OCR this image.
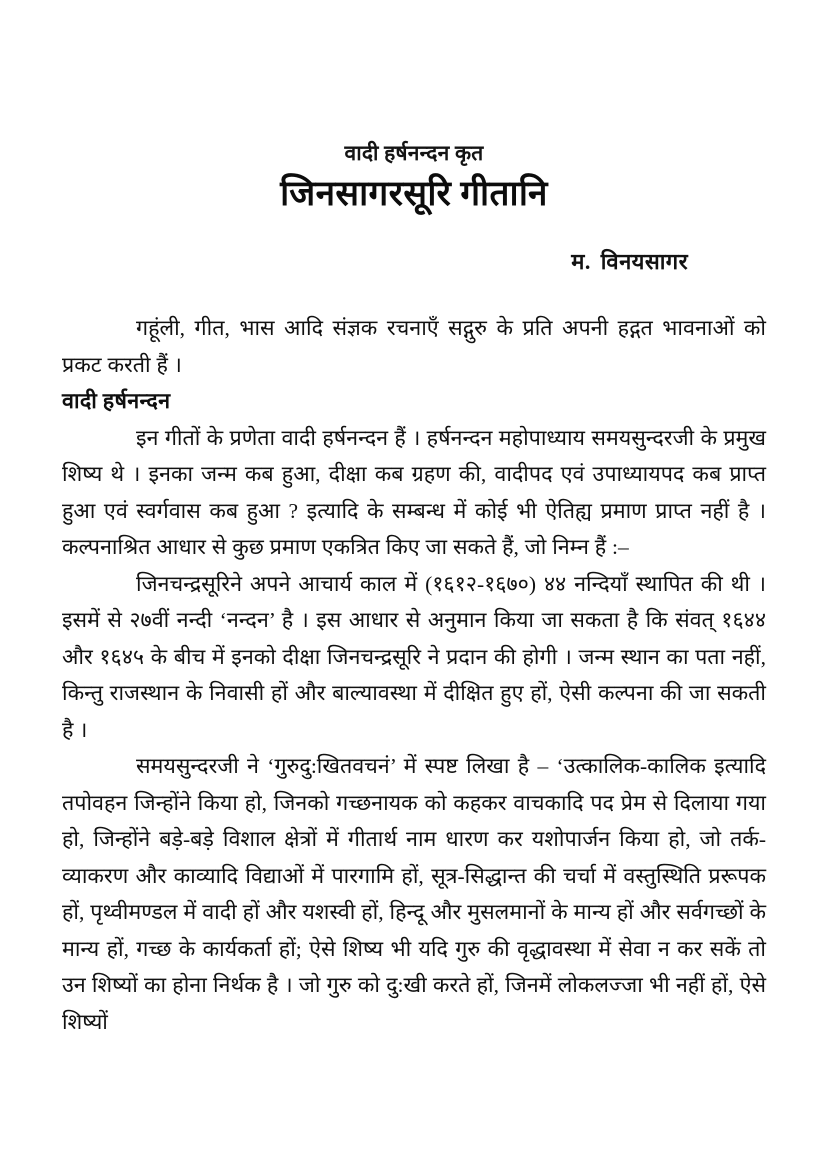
वादी हर्षनन्दन कृत
जिनसागरसूरि गीतानि
म. विनयसागर

गहूंली, गीत, भास आदि संज्ञक रचनाएँ सद्गुरु के प्रति अपनी हद्गत भावनाओं को प्रकट करती हैं ।

वादी हर्षनन्दन

इन गीतों के प्रणेता वादी हर्षनन्दन हैं । हर्षनन्दन महोपाध्याय समयसुन्दरजी के प्रमुख शिष्य थे । इनका जन्म कब हुआ, दीक्षा कब ग्रहण की, वादीपद एवं उपाध्यायपद कब प्राप्त हुआ एवं स्वर्गवास कब हुआ ? इत्यादि के सम्बन्ध में कोई भी ऐतिह्य प्रमाण प्राप्त नहीं है । कल्पनाश्रित आधार से कुछ प्रमाण एकत्रित किए जा सकते हैं, जो निम्न हैं :–

जिनचन्द्रसूरिने अपने आचार्य काल में (१६१२-१६७०) ४४ नन्दियाँ स्थापित की थी । इसमें से २७वीं नन्दी ‘नन्दन’ है । इस आधार से अनुमान किया जा सकता है कि संवत् १६४४ और १६४५ के बीच में इनको दीक्षा जिनचन्द्रसूरि ने प्रदान की होगी । जन्म स्थान का पता नहीं, किन्तु राजस्थान के निवासी हों और बाल्यावस्था में दीक्षित हुए हों, ऐसी कल्पना की जा सकती है ।

समयसुन्दरजी ने ‘गुरुदु:खितवचनं’ में स्पष्ट लिखा है – ‘उत्कालिक-कालिक इत्यादि तपोवहन जिन्होंने किया हो, जिनको गच्छनायक को कहकर वाचकादि पद प्रेम से दिलाया गया हो, जिन्होंने बड़े-बड़े विशाल क्षेत्रों में गीतार्थ नाम धारण कर यशोपार्जन किया हो, जो तर्क-व्याकरण और काव्यादि विद्याओं में पारगामि हों, सूत्र-सिद्धान्त की चर्चा में वस्तुस्थिति प्ररूपक हों, पृथ्वीमण्डल में वादी हों और यशस्वी हों, हिन्दू और मुसलमानों के मान्य हों और सर्वगच्छों के मान्य हों, गच्छ के कार्यकर्ता हों; ऐसे शिष्य भी यदि गुरु की वृद्धावस्था में सेवा न कर सकें तो उन शिष्यों का होना निर्थक है । जो गुरु को दु:खी करते हों, जिनमें लोकलज्जा भी नहीं हों, ऐसे शिष्यों
